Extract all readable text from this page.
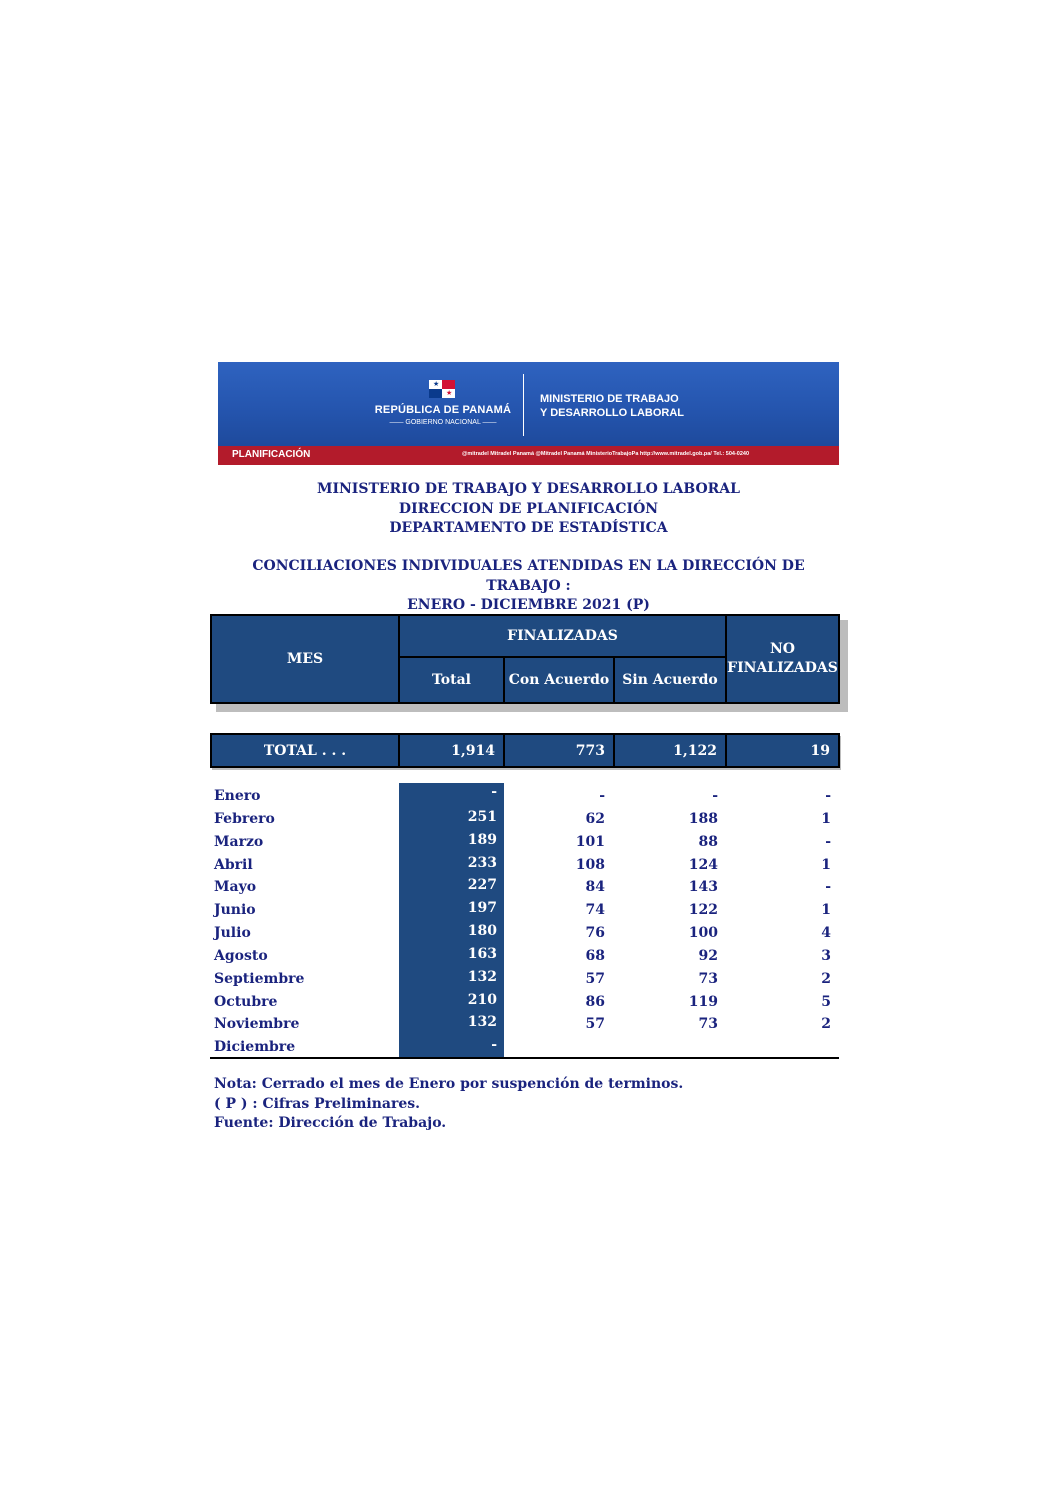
★
★
REPÚBLICA DE PANAMÁ
—— GOBIERNO NACIONAL ——
MINISTERIO DE TRABAJO
Y DESARROLLO LABORAL
PLANIFICACIÓN	@mitradel Mitradel Panamá @Mitradel Panamá MinisterioTrabajoPa http://www.mitradel.gob.pa/ Tel.: 504-0240
MINISTERIO DE TRABAJO Y DESARROLLO LABORAL
DIRECCION DE PLANIFICACIÓN
DEPARTAMENTO DE ESTADÍSTICA
CONCILIACIONES INDIVIDUALES ATENDIDAS EN LA DIRECCIÓN DE TRABAJO :
ENERO - DICIEMBRE 2021 (P)
MES
FINALIZADAS
Total	Con Acuerdo Sin Acuerdo
NO
FINALIZADAS
TOTAL . . .	1,914	773	1,122	19
Enero	-	-	-	-
Febrero	251	62	188	1
Marzo	189	101	88	-
Abril	233	108	124	1
Mayo	227	84	143	-
Junio	197	74	122	1
Julio	180	76	100	4
Agosto	163	68	92	3
Septiembre	132	57	73	2
Octubre	210	86	119	5
Noviembre	132	57	73	2
Diciembre	-
Nota: Cerrado el mes de Enero por suspención de terminos.
( P ) : Cifras Preliminares.
Fuente: Dirección de Trabajo.
